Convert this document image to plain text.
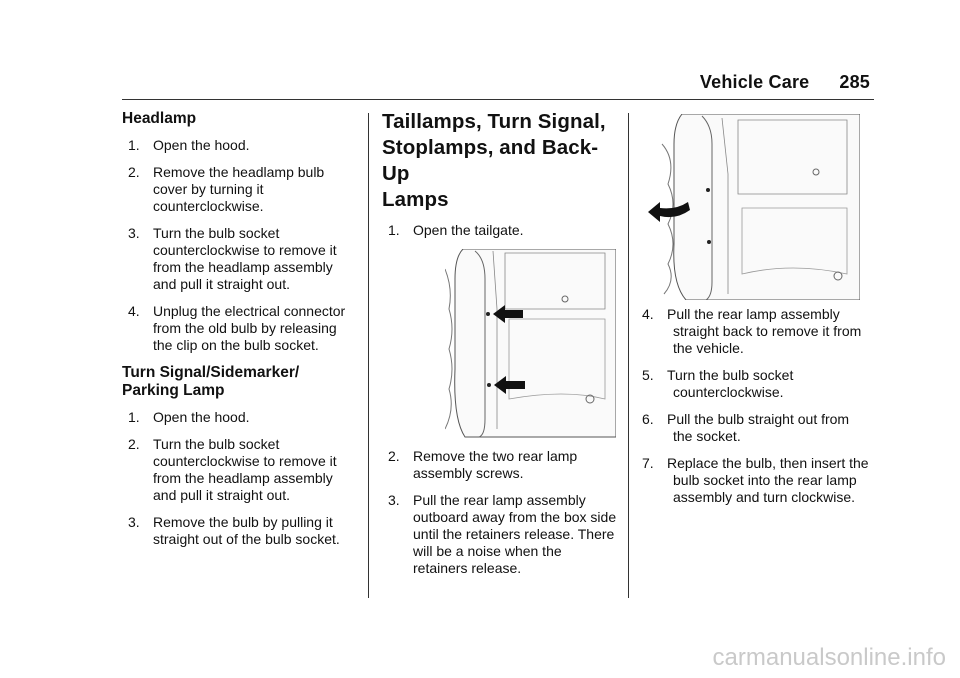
Vehicle Care 285
Headlamp
1. Open the hood.
2. Remove the headlamp bulb cover by turning it counterclockwise.
3. Turn the bulb socket counterclockwise to remove it from the headlamp assembly and pull it straight out.
4. Unplug the electrical connector from the old bulb by releasing the clip on the bulb socket.
Turn Signal/Sidemarker/
Parking Lamp
1. Open the hood.
2. Turn the bulb socket counterclockwise to remove it from the headlamp assembly and pull it straight out.
3. Remove the bulb by pulling it straight out of the bulb socket.
Taillamps, Turn Signal,
Stoplamps, and Back-Up
Lamps
1. Open the tailgate.
2. Remove the two rear lamp assembly screws.
3. Pull the rear lamp assembly outboard away from the box side until the retainers release. There will be a noise when the retainers release.
4. Pull the rear lamp assembly straight back to remove it from the vehicle.
5. Turn the bulb socket counterclockwise.
6. Pull the bulb straight out from the socket.
7. Replace the bulb, then insert the bulb socket into the rear lamp assembly and turn clockwise.
carmanualsonline.info
